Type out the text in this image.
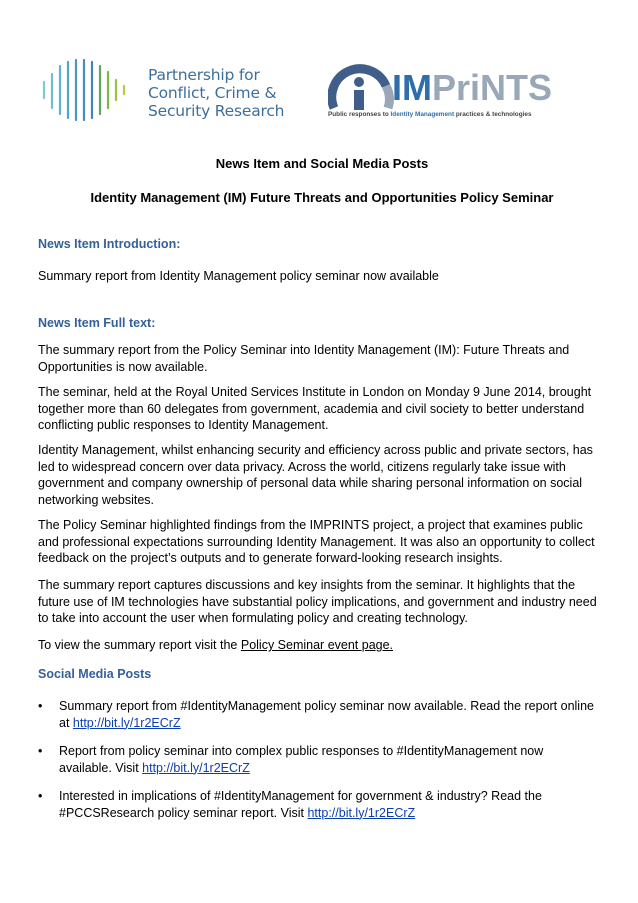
Partnership for
Conflict, Crime &
Security Research
IMPriNTS
Public responses to Identity Management practices & technologies
News Item and Social Media Posts
Identity Management (IM) Future Threats and Opportunities Policy Seminar
News Item Introduction:

Summary report from Identity Management policy seminar now available

News Item Full text:

The summary report from the Policy Seminar into Identity Management (IM): Future Threats and Opportunities is now available.

The seminar, held at the Royal United Services Institute in London on Monday 9 June 2014, brought together more than 60 delegates from government, academia and civil society to better understand conflicting public responses to Identity Management.

Identity Management, whilst enhancing security and efficiency across public and private sectors, has led to widespread concern over data privacy. Across the world, citizens regularly take issue with government and company ownership of personal data while sharing personal information on social networking websites.

The Policy Seminar highlighted findings from the IMPRINTS project, a project that examines public and professional expectations surrounding Identity Management. It was also an opportunity to collect feedback on the project’s outputs and to generate forward-looking research insights.

The summary report captures discussions and key insights from the seminar. It highlights that the future use of IM technologies have substantial policy implications, and government and industry need to take into account the user when formulating policy and creating technology.

To view the summary report visit the Policy Seminar event page.

Social Media Posts
• Summary report from #IdentityManagement policy seminar now available. Read the report online at http://bit.ly/1r2ECrZ
• Report from policy seminar into complex public responses to #IdentityManagement now available. Visit http://bit.ly/1r2ECrZ
• Interested in implications of #IdentityManagement for government & industry? Read the #PCCSResearch policy seminar report. Visit http://bit.ly/1r2ECrZ
